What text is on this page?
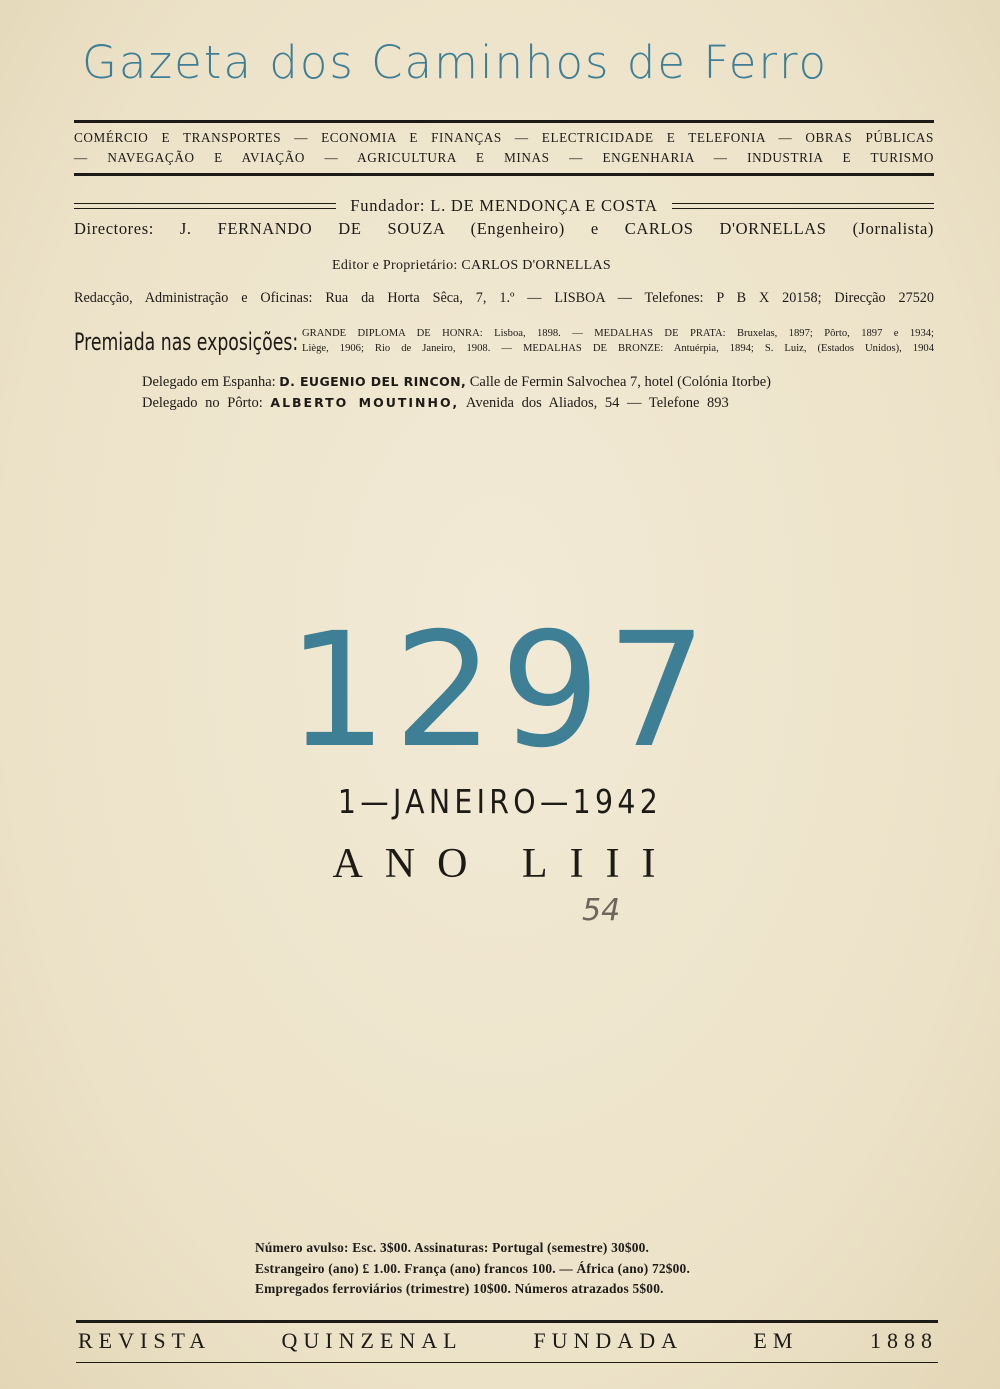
Gazeta dos Caminhos de Ferro
COMÉRCIO E TRANSPORTES — ECONOMIA E FINANÇAS — ELECTRICIDADE E TELEFONIA — OBRAS PÚBLICAS
— NAVEGAÇÃO E AVIAÇÃO — AGRICULTURA E MINAS — ENGENHARIA — INDUSTRIA E TURISMO
Fundador: L. DE MENDONÇA E COSTA
Directores: J. FERNANDO DE SOUZA (Engenheiro) e CARLOS D'ORNELLAS (Jornalista)
Editor e Proprietário: CARLOS D'ORNELLAS
Redacção, Administração e Oficinas: Rua da Horta Sêca, 7, 1.º — LISBOA — Telefones: P B X 20158; Direcção 27520
Premiada nas exposições: GRANDE DIPLOMA DE HONRA: Lisboa, 1898. — MEDALHAS DE PRATA: Bruxelas, 1897; Pôrto, 1897 e 1934;
Liège, 1906; Rio de Janeiro, 1908. — MEDALHAS DE BRONZE: Antuérpia, 1894; S. Luiz, (Estados Unidos), 1904
Delegado em Espanha: D. EUGENIO DEL RINCON, Calle de Fermin Salvochea 7, hotel (Colónia Itorbe)
Delegado no Pôrto: ALBERTO MOUTINHO, Avenida dos Aliados, 54 — Telefone 893
1297
1—JANEIRO—1942
ANO LIII
54
Número avulso: Esc. 3$00. Assinaturas: Portugal (semestre) 30$00.
Estrangeiro (ano) £ 1.00. França (ano) francos 100. — África (ano) 72$00.
Empregados ferroviários (trimestre) 10$00. Números atrazados 5$00.
REVISTA QUINZENAL FUNDADA EM 1888
